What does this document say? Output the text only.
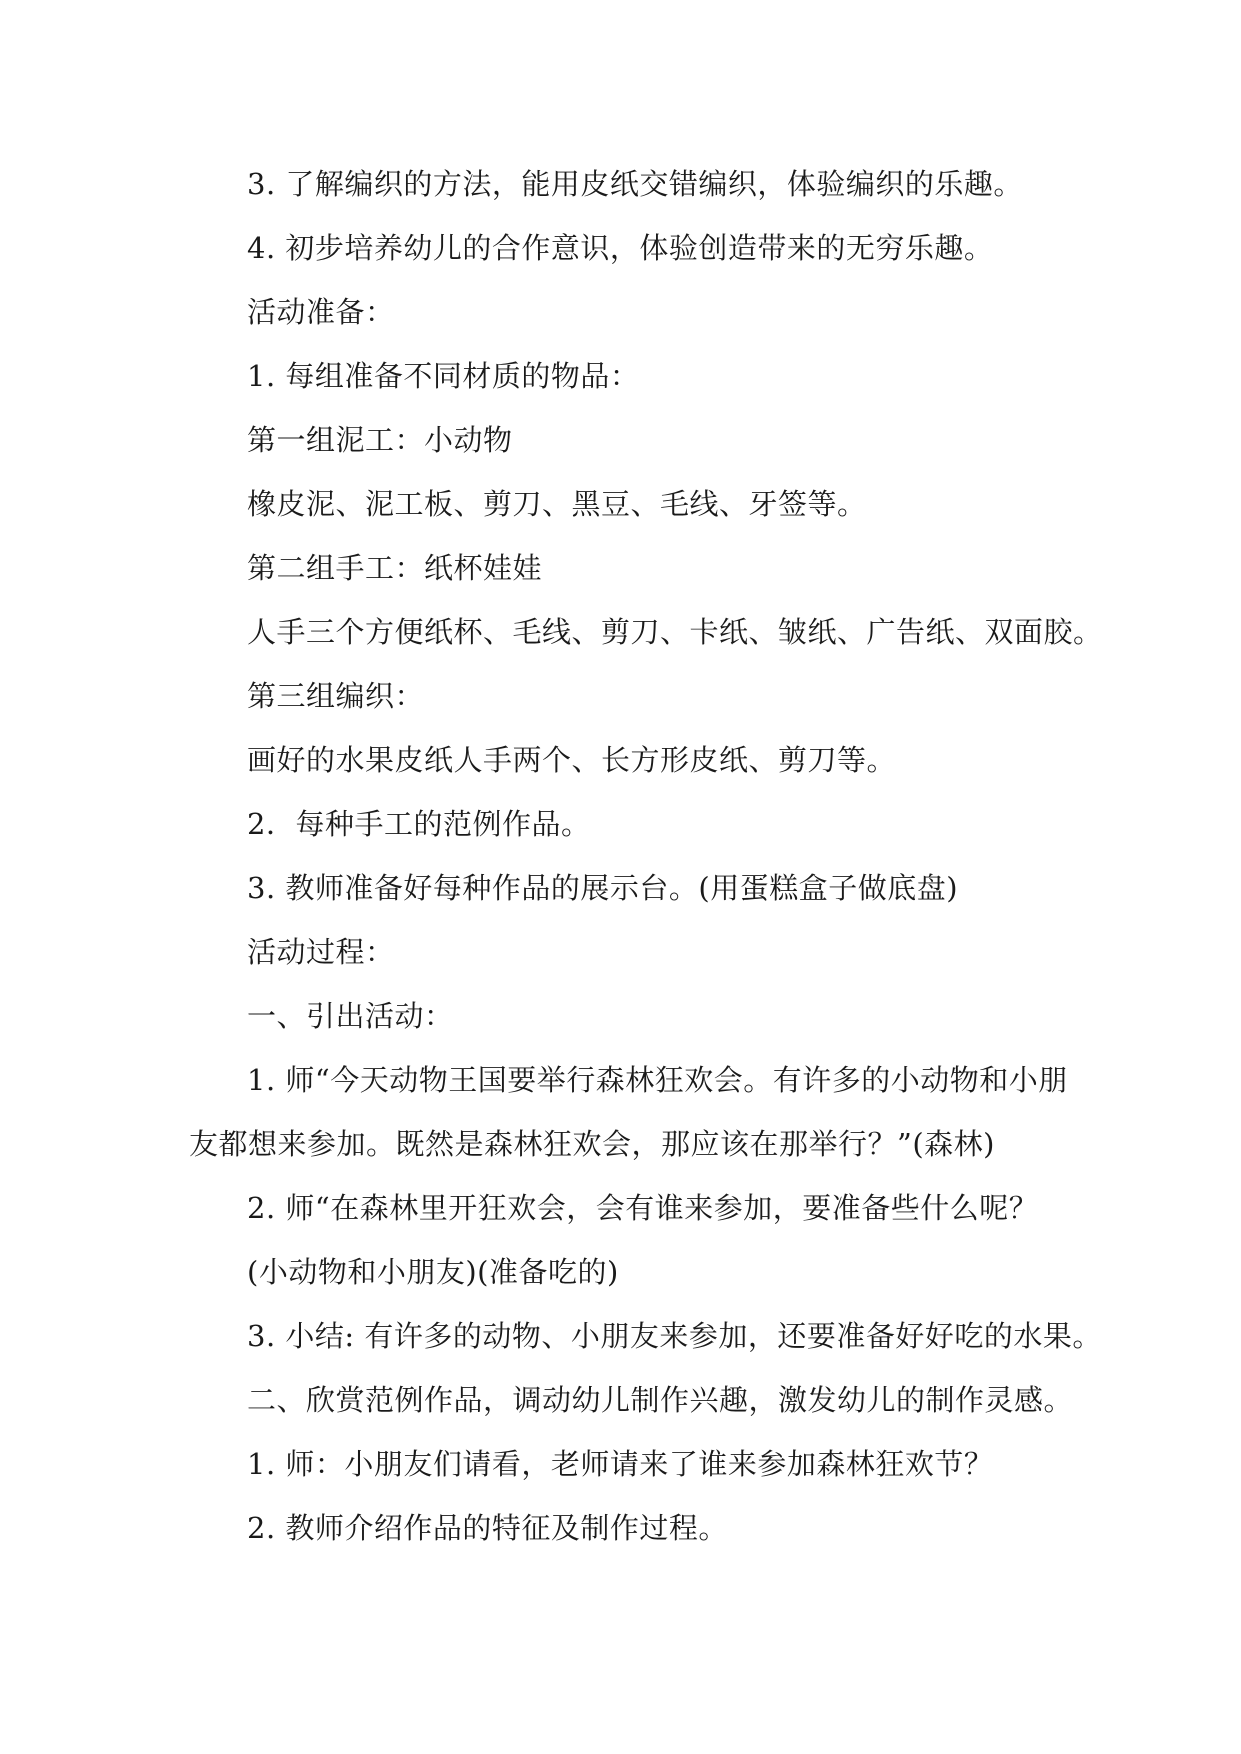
3. 了解编织的方法，能用皮纸交错编织，体验编织的乐趣。
4. 初步培养幼儿的合作意识，体验创造带来的无穷乐趣。
活动准备：
1. 每组准备不同材质的物品：
第一组泥工：小动物
橡皮泥、泥工板、剪刀、黑豆、毛线、牙签等。
第二组手工：纸杯娃娃
人手三个方便纸杯、毛线、剪刀、卡纸、皱纸、广告纸、双面胶。
第三组编织：
画好的水果皮纸人手两个、长方形皮纸、剪刀等。
2．每种手工的范例作品。
3. 教师准备好每种作品的展示台。(用蛋糕盒子做底盘)
活动过程：
一、引出活动：
1. 师“今天动物王国要举行森林狂欢会。有许多的小动物和小朋
友都想来参加。既然是森林狂欢会，那应该在那举行？”(森林)
2. 师“在森林里开狂欢会，会有谁来参加，要准备些什么呢？
(小动物和小朋友)(准备吃的)
3. 小结: 有许多的动物、小朋友来参加，还要准备好好吃的水果。
二、欣赏范例作品，调动幼儿制作兴趣，激发幼儿的制作灵感。
1. 师：小朋友们请看，老师请来了谁来参加森林狂欢节？
2. 教师介绍作品的特征及制作过程。
